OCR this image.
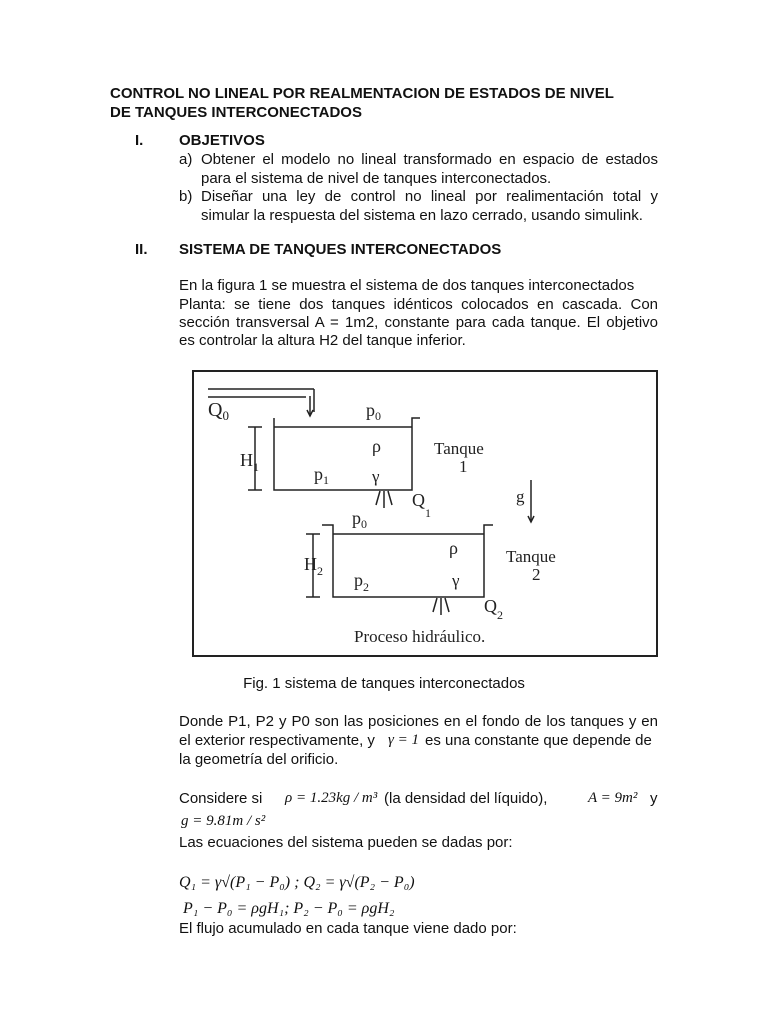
CONTROL NO LINEAL POR REALMENTACION DE ESTADOS DE NIVEL
DE TANQUES INTERCONECTADOS
I. OBJETIVOS
a) Obtener el modelo no lineal transformado en espacio de estados
para el sistema de nivel de tanques interconectados.
b) Diseñar una ley de control no lineal por realimentación total y
simular la respuesta del sistema en lazo cerrado, usando simulink.
II. SISTEMA DE TANQUES INTERCONECTADOS
En la figura 1 se muestra el sistema de dos tanques interconectados
Planta: se tiene dos tanques idénticos colocados en cascada. Con
sección transversal A = 1m2, constante para cada tanque. El objetivo
es controlar la altura H2 del tanque inferior.
$Q_0$	$p_0$
ρ	Tanque
1
$H_1$	$p_1$	γ
$Q_1$
g
$p_0$
ρ	Tanque
2
$H_2$ $p_2$	γ
$Q_2$
Proceso hidráulico.
Fig. 1 sistema de tanques interconectados
Donde P1, P2 y P0 son las posiciones en el fondo de los tanques y en
el exterior respectivamente, y γ = 1 es una constante que depende de
la geometría del orificio.
Considere si ρ = 1.23kg / m³ (la densidad del líquido),	A = 9m² y
g = 9.81m / s²
Las ecuaciones del sistema pueden se dadas por:
Q₁ = γ√(P₁ − P₀) ; Q₂ = γ√(P₂ − P₀)
P₁ − P₀ = ρgH₁; P₂ − P₀ = ρgH₂
El flujo acumulado en cada tanque viene dado por:
